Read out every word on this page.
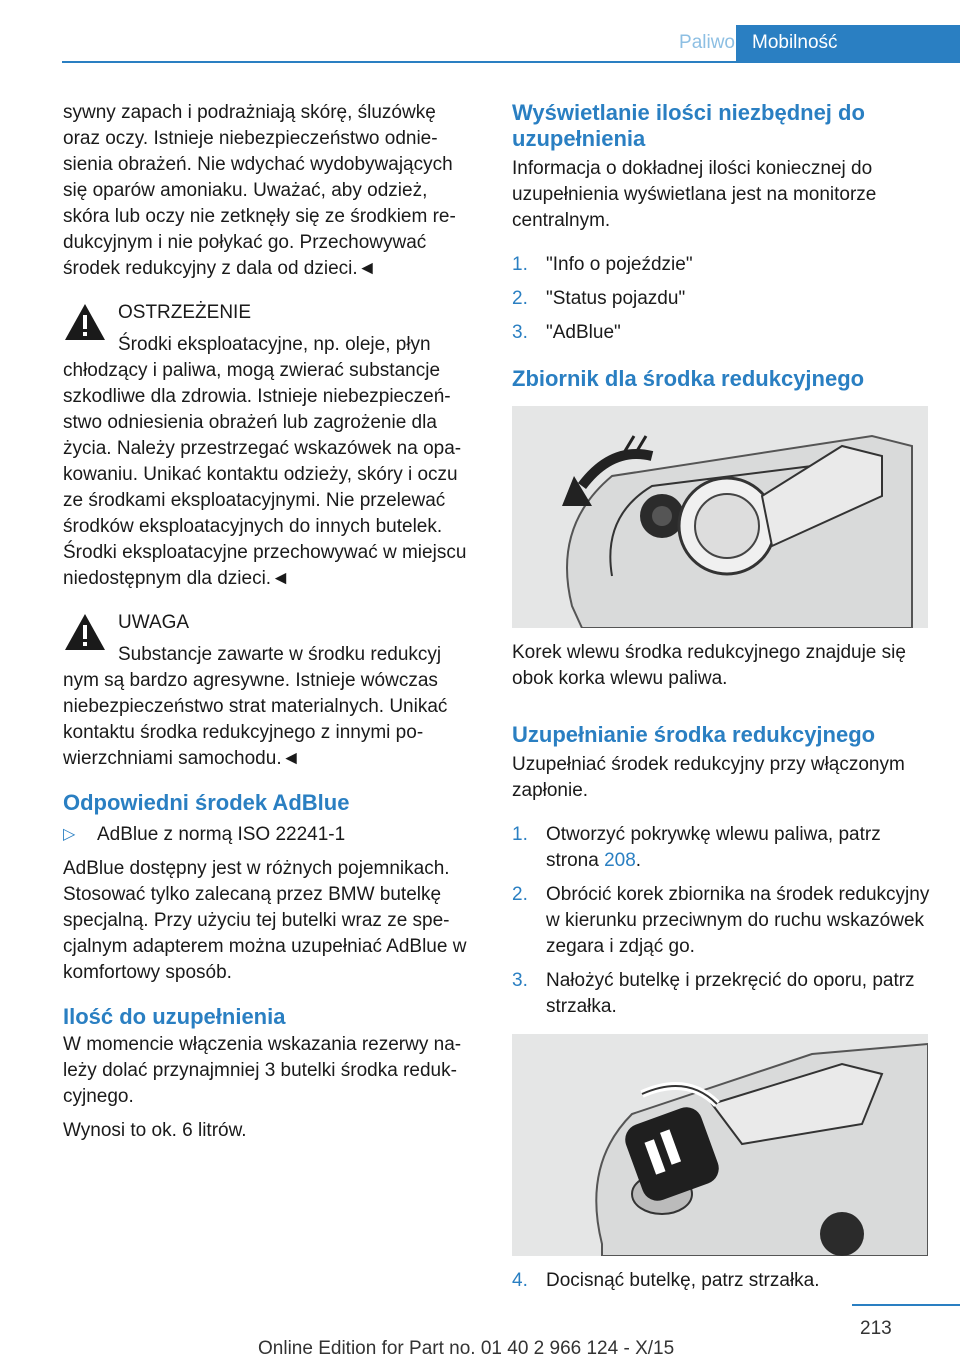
Paliwo Mobilność

sywny zapach i podrażniają skórę, śluzówkę oraz oczy. Istnieje niebezpieczeństwo odniesienia obrażeń. Nie wdychać wydobywających się oparów amoniaku. Uważać, aby odzież, skóra lub oczy nie zetknęły się ze środkiem redukcyjnym i nie połykać go. Przechowywać środek redukcyjny z dala od dzieci.◄

OSTRZEŻENIE

Środki eksploatacyjne, np. oleje, płyn

chłodzący i paliwa, mogą zwierać substancje szkodliwe dla zdrowia. Istnieje niebezpieczeństwo odniesienia obrażeń lub zagrożenie dla życia. Należy przestrzegać wskazówek na opakowaniu. Unikać kontaktu odzieży, skóry i oczu ze środkami eksploatacyjnymi. Nie przelewać środków eksploatacyjnych do innych butelek. Środki eksploatacyjne przechowywać w miejscu niedostępnym dla dzieci.◄

UWAGA

Substancje zawarte w środku redukcyj

nym są bardzo agresywne. Istnieje wówczas niebezpieczeństwo strat materialnych. Unikać kontaktu środka redukcyjnego z innymi powierzchniami samochodu.◄

Odpowiedni środek AdBlue
▷ AdBlue z normą ISO 22241-1

AdBlue dostępny jest w różnych pojemnikach. Stosować tylko zalecaną przez BMW butelkę specjalną. Przy użyciu tej butelki wraz ze specjalnym adapterem można uzupełniać AdBlue w komfortowy sposób.

Ilość do uzupełnienia

W momencie włączenia wskazania rezerwy należy dolać przynajmniej 3 butelki środka redukcyjnego.

Wynosi to ok. 6 litrów.

Wyświetlanie ilości niezbędnej do uzupełnienia

Informacja o dokładnej ilości koniecznej do uzupełnienia wyświetlana jest na monitorze centralnym.

1. "Info o pojeździe"
2. "Status pojazdu"
3. "AdBlue"
Zbiornik dla środka redukcyjnego

Korek wlewu środka redukcyjnego znajduje się obok korka wlewu paliwa.

Uzupełnianie środka redukcyjnego

Uzupełniać środek redukcyjny przy włączonym zapłonie.

1. Otworzyć pokrywkę wlewu paliwa, patrz strona 208.
2. Obrócić korek zbiornika na środek redukcyjny w kierunku przeciwnym do ruchu wskazówek zegara i zdjąć go.
3. Nałożyć butelkę i przekręcić do oporu, patrz strzałka.
4. Docisnąć butelkę, patrz strzałka.
213
Online Edition for Part no. 01 40 2 966 124 - X/15
